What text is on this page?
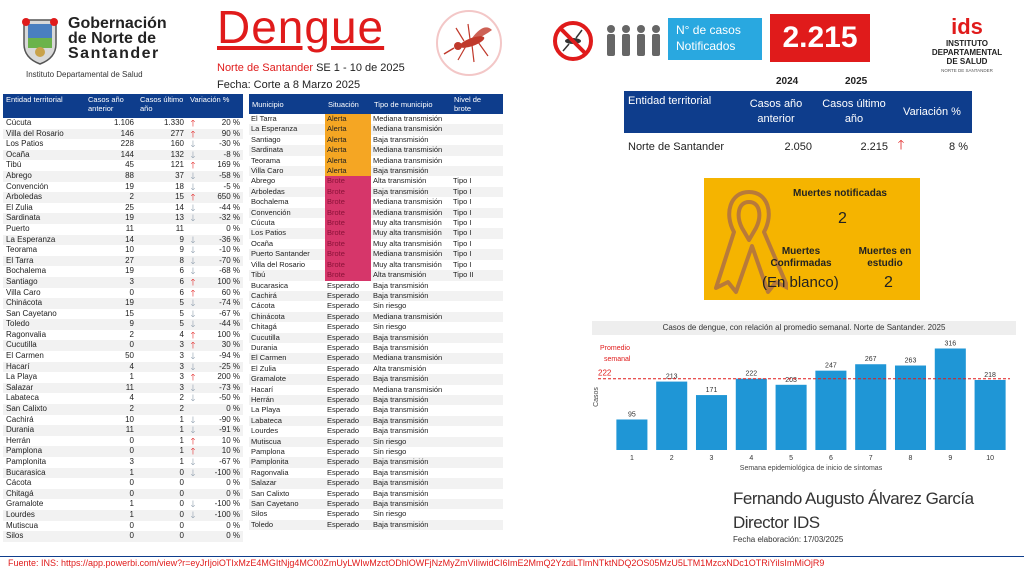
Gobernación
de Norte de
Santander
Instituto Departamental de Salud
Dengue
Norte de Santander SE 1 - 10 de 2025
Fecha: Corte a 8 Marzo 2025
N° de casos Notificados	2.215	ids
INSTITUTO
DEPARTAMENTAL
DE SALUD
NORTE DE SANTANDER
Entidad territorial	Casos año anterior	Casos último año	Variación %	
Cúcuta	1.106	1.330	🡑	20 %
Villa del Rosario	146	277	🡑	90 %
Los Patios	228	160	🡓	-30 %
Ocaña	144	132	🡓	-8 %
Tibú	45	121	🡑	169 %
Abrego	88	37	🡓	-58 %
Convención	19	18	🡓	-5 %
Arboledas	2	15	🡑	650 %
El Zulia	25	14	🡓	-44 %
Sardinata	19	13	🡓	-32 %
Puerto	11	11		0 %
La Esperanza	14	9	🡓	-36 %
Teorama	10	9	🡓	-10 %
El Tarra	27	8	🡓	-70 %
Bochalema	19	6	🡓	-68 %
Santiago	3	6	🡑	100 %
Villa Caro	0	6	🡑	60 %
Chinácota	19	5	🡓	-74 %
San Cayetano	15	5	🡓	-67 %
Toledo	9	5	🡓	-44 %
Ragonvalia	2	4	🡑	100 %
Cucutilla	0	3	🡑	30 %
El Carmen	50	3	🡓	-94 %
Hacarí	4	3	🡓	-25 %
La Playa	1	3	🡑	200 %
Salazar	11	3	🡓	-73 %
Labateca	4	2	🡓	-50 %
San Calixto	2	2		0 %
Cachirá	10	1	🡓	-90 %
Durania	11	1	🡓	-91 %
Herrán	0	1	🡑	10 %
Pamplona	0	1	🡑	10 %
Pamplonita	3	1	🡓	-67 %
Bucarasica	1	0	🡓	-100 %
Cácota	0	0		0 %
Chitagá	0	0		0 %
Gramalote	1	0	🡓	-100 %
Lourdes	1	0	🡓	-100 %
Mutiscua	0	0		0 %
Silos	0	0		0 %
Municipio	Situación	Tipo de municipio	Nivel de brote
El Tarra	Alerta	Mediana transmisión	
La Esperanza	Alerta	Mediana transmisión	
Santiago	Alerta	Baja transmisión	
Sardinata	Alerta	Mediana transmisión	
Teorama	Alerta	Mediana transmisión	
Villa Caro	Alerta	Baja transmisión	
Abrego	Brote	Alta transmisión	Tipo I
Arboledas	Brote	Baja transmisión	Tipo I
Bochalema	Brote	Mediana transmisión	Tipo I
Convención	Brote	Mediana transmisión	Tipo I
Cúcuta	Brote	Muy alta transmisión	Tipo I
Los Patios	Brote	Muy alta transmisión	Tipo I
Ocaña	Brote	Muy alta transmisión	Tipo I
Puerto Santander	Brote	Mediana transmisión	Tipo I
Villa del Rosario	Brote	Muy alta transmisión	Tipo I
Tibú	Brote	Alta transmisión	Tipo II
Bucarasica	Esperado	Baja transmisión	
Cachirá	Esperado	Baja transmisión	
Cácota	Esperado	Sin riesgo	
Chinácota	Esperado	Mediana transmisión	
Chitagá	Esperado	Sin riesgo	
Cucutilla	Esperado	Baja transmisión	
Durania	Esperado	Baja transmisión	
El Carmen	Esperado	Mediana transmisión	
El Zulia	Esperado	Alta transmisión	
Gramalote	Esperado	Baja transmisión	
Hacarí	Esperado	Mediana transmisión	
Herrán	Esperado	Baja transmisión	
La Playa	Esperado	Baja transmisión	
Labateca	Esperado	Baja transmisión	
Lourdes	Esperado	Baja transmisión	
Mutiscua	Esperado	Sin riesgo	
Pamplona	Esperado	Sin riesgo	
Pamplonita	Esperado	Baja transmisión	
Ragonvalia	Esperado	Baja transmisión	
Salazar	Esperado	Baja transmisión	
San Calixto	Esperado	Baja transmisión	
San Cayetano	Esperado	Baja transmisión	
Silos	Esperado	Sin riesgo	
Toledo	Esperado	Baja transmisión	
2024	2025
Entidad territorial	Casos año anterior	Casos último año	Variación %	
Norte de Santander	2.050	2.215	🡑	8 %
Muertes notificadas
2
Muertes Confirmadas
(En blanco)
Muertes en estudio
2
Casos de dengue, con relación al promedio semanal. Norte de Santander. 2025
Casos
95
1
213
2
171
3
222
4
203
5
247
6
267
7
263
8
316
9
218
10
222
Promedio
semanal
Semana epidemiológica de inicio de síntomas
Fernando Augusto Álvarez García
Director IDS
Fecha elaboración: 17/03/2025
Fuente: INS: https://app.powerbi.com/view?r=eyJrIjoiOTIxMzE4MGItNjg4MC00ZmUyLWIwMzctODhlOWFjNzMyZmViIiwidCI6ImE2MmQ2YzdiLTlmNTktNDQ2OS05MzU5LTM1MzcxNDc1OTRiYiIsImMiOjR9
